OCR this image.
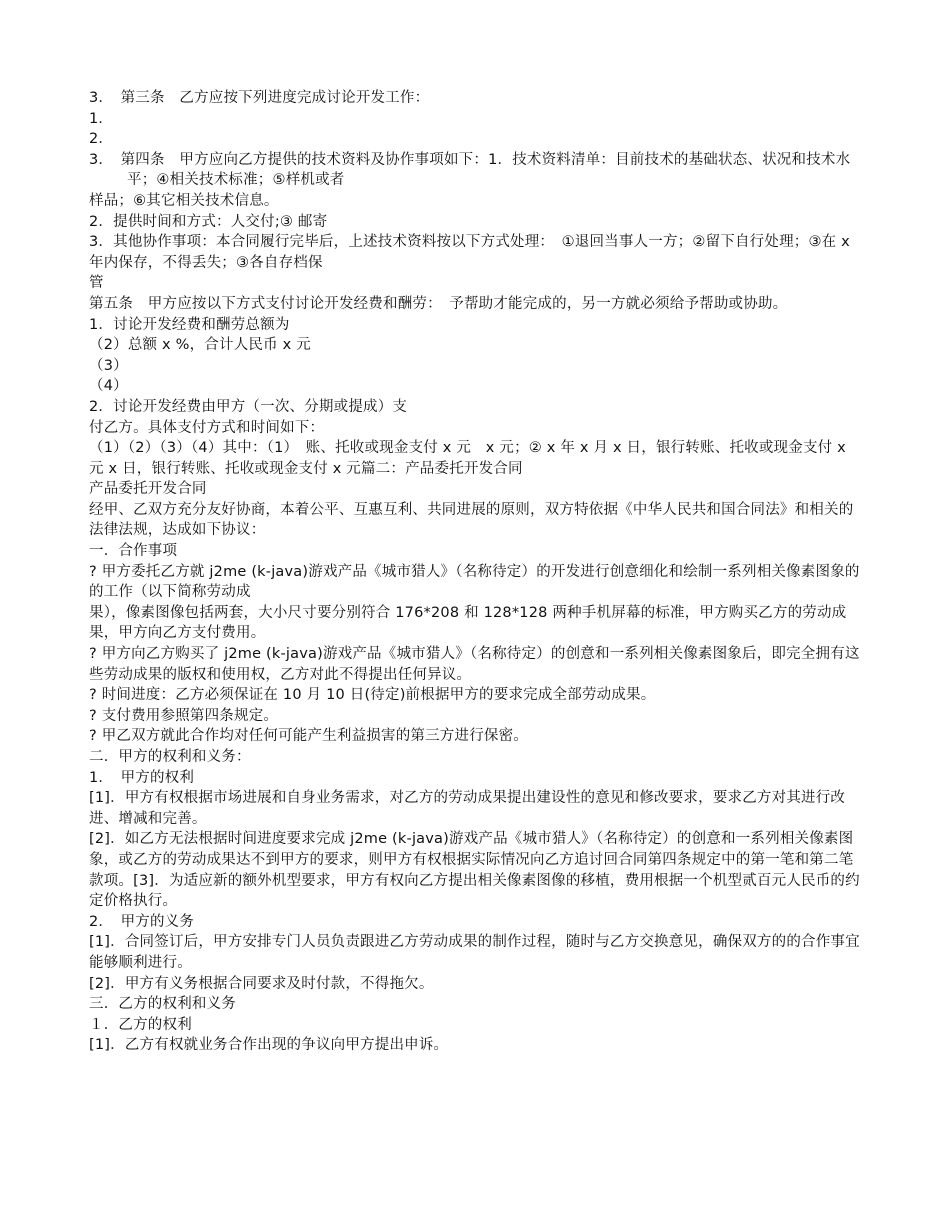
3．　第三条　乙方应按下列进度完成讨论开发工作：

1．

2．

3．　第四条　甲方应向乙方提供的技术资料及协作事项如下：1．技术资料清单：目前技术的基础状态、状况和技术水平；④相关技术标准；⑤样机或者

样品；⑥其它相关技术信息。

2．提供时间和方式：人交付;③ 邮寄

3．其他协作事项：本合同履行完毕后，上述技术资料按以下方式处理：　①退回当事人一方；②留下自行处理；③在 x 年内保存，不得丢失；③各自存档保

管

第五条　甲方应按以下方式支付讨论开发经费和酬劳：　予帮助才能完成的，另一方就必须给予帮助或协助。

1．讨论开发经费和酬劳总额为

（2）总额 x %，合计人民币 x 元

（3）

（4）

2．讨论开发经费由甲方（一次、分期或提成）支

付乙方。具体支付方式和时间如下：

（1）（2）（3）（4）其中：（1）　账、托收或现金支付 x 元　x 元；② x 年 x 月 x 日，银行转账、托收或现金支付 x 元 x 日，银行转账、托收或现金支付 x 元篇二：产品委托开发合同

产品委托开发合同

经甲、乙双方充分友好协商，本着公平、互惠互利、共同进展的原则，双方特依据《中华人民共和国合同法》和相关的法律法规，达成如下协议：

一．合作事项

? 甲方委托乙方就 j2me (k-java)游戏产品《城市猎人》（名称待定）的开发进行创意细化和绘制一系列相关像素图象的的工作（以下简称劳动成

果），像素图像包括两套，大小尺寸要分别符合 176*208 和 128*128 两种手机屏幕的标准，甲方购买乙方的劳动成果，甲方向乙方支付费用。

? 甲方向乙方购买了 j2me (k-java)游戏产品《城市猎人》（名称待定）的创意和一系列相关像素图象后，即完全拥有这些劳动成果的版权和使用权，乙方对此不得提出任何异议。

? 时间进度：乙方必须保证在 10 月 10 日(待定)前根据甲方的要求完成全部劳动成果。

? 支付费用参照第四条规定。

? 甲乙双方就此合作均对任何可能产生利益损害的第三方进行保密。

二．甲方的权利和义务：

1．　甲方的权利

[1]．甲方有权根据市场进展和自身业务需求，对乙方的劳动成果提出建设性的意见和修改要求，要求乙方对其进行改进、增减和完善。

[2]．如乙方无法根据时间进度要求完成 j2me (k-java)游戏产品《城市猎人》（名称待定）的创意和一系列相关像素图象，或乙方的劳动成果达不到甲方的要求，则甲方有权根据实际情况向乙方追讨回合同第四条规定中的第一笔和第二笔款项。[3]．为适应新的额外机型要求，甲方有权向乙方提出相关像素图像的移植，费用根据一个机型贰百元人民币的约定价格执行。

2．　甲方的义务

[1]．合同签订后，甲方安排专门人员负责跟进乙方劳动成果的制作过程，随时与乙方交换意见，确保双方的的合作事宜能够顺利进行。

[2]．甲方有义务根据合同要求及时付款，不得拖欠。

三．乙方的权利和义务

１．乙方的权利

[1]．乙方有权就业务合作出现的争议向甲方提出申诉。
